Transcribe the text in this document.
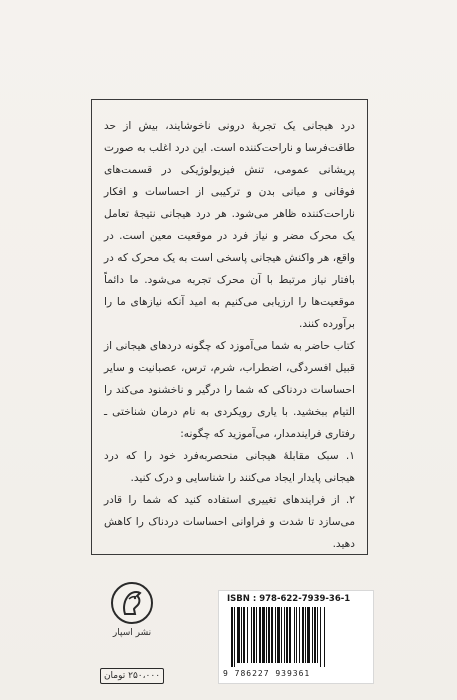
درد هیجانی یک تجربهٔ درونی ناخوشایند، بیش از حد طاقت‌فرسا و ناراحت‌کننده است. این درد اغلب به صورت پریشانی عمومی، تنش فیزیولوژیکی در قسمت‌های فوقانی و میانی بدن و ترکیبی از احساسات و افکار ناراحت‌کننده ظاهر می‌شود. هر درد هیجانی نتیجهٔ تعامل یک محرک مضر و نیاز فرد در موقعیت معین است. در واقع، هر واکنش هیجانی پاسخی است به یک محرک که در بافتار نیاز مرتبط با آن محرک تجربه می‌شود. ما دائماً موقعیت‌ها را ارزیابی می‌کنیم به امید آنکه نیازهای ما را برآورده کنند.

کتاب حاضر به شما می‌آموزد که چگونه دردهای هیجانی از قبیل افسردگی، اضطراب، شرم، ترس، عصبانیت و سایر احساسات دردناکی که شما را درگیر و ناخشنود می‌کند را التیام ببخشید. با یاری رویکردی به نام درمان شناختی ـ رفتاری فرایندمدار، می‌آموزید که چگونه:

۱. سبک مقابلهٔ هیجانی منحصربه‌فرد خود را که درد هیجانی پایدار ایجاد می‌کنند را شناسایی و درک کنید.
۲. از فرایندهای تغییری استفاده کنید که شما را قادر می‌سازد تا شدت و فراوانی احساسات دردناک را کاهش دهید.
نشر اسپار
۲۵۰،۰۰۰ تومان
ISBN : 978-622-7939-36-1
9 786227 939361
